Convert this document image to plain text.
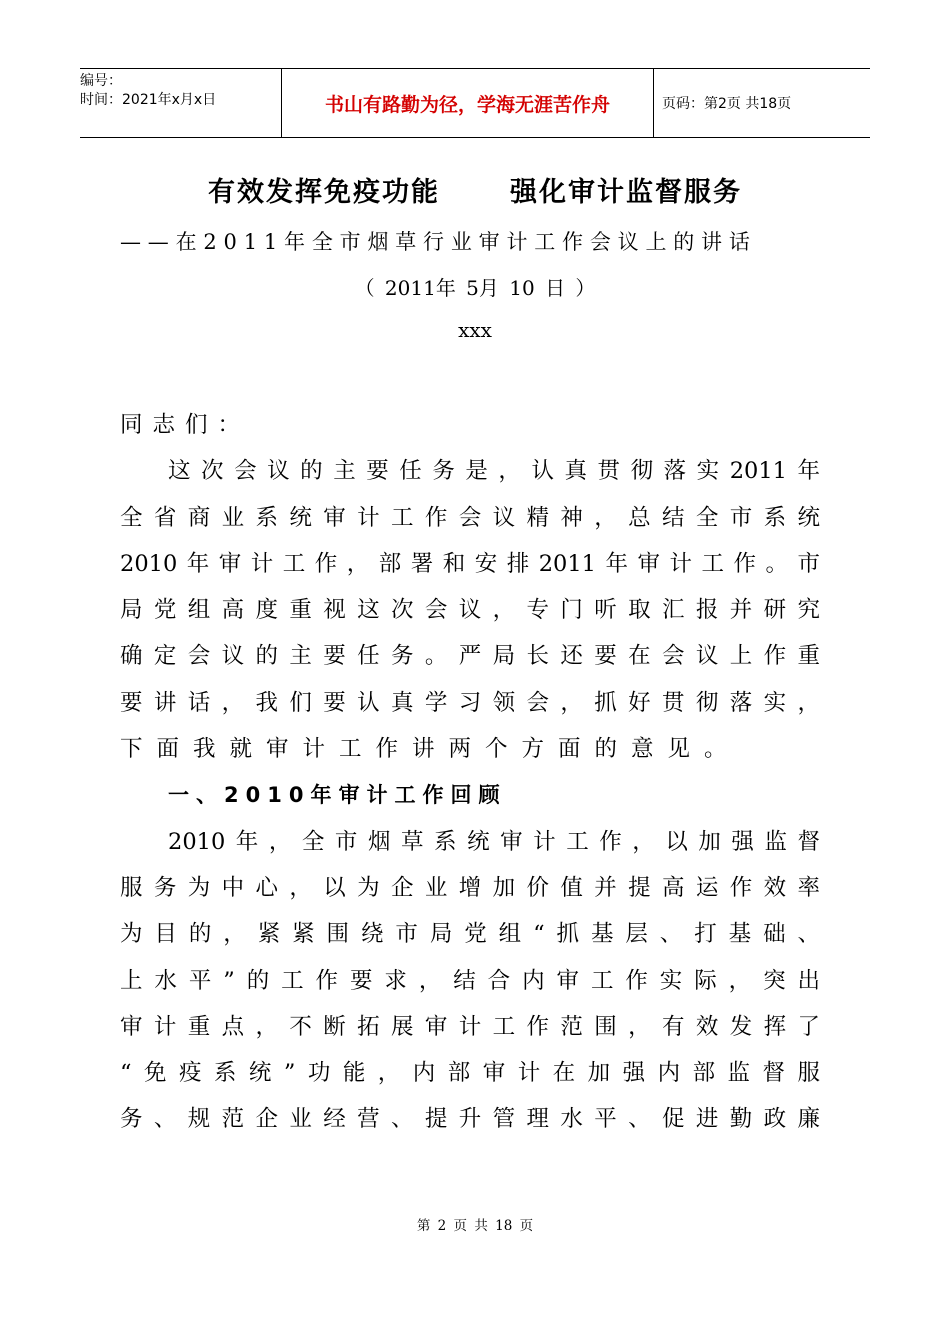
编号：
时间：2021年x月x日	书山有路勤为径，学海无涯苦作舟	页码：第2页 共18页
有效发挥免疫功能	强化审计监督服务
——在2011年全市烟草行业审计工作会议上的讲话
（ 2011年 5月 10 日 ）
xxx
同志们：
这次会议的主要任务是，认真贯彻落实2011年
全省商业系统审计工作会议精神，总结全市系统
2010年审计工作，部署和安排2011年审计工作。市
局党组高度重视这次会议，专门听取汇报并研究
确定会议的主要任务。严局长还要在会议上作重
要讲话，我们要认真学习领会，抓好贯彻落实，
下面我就审计工作讲两个方面的意见。
一、2010年审计工作回顾
2010年，全市烟草系统审计工作，以加强监督
服务为中心，以为企业增加价值并提高运作效率
为目的，紧紧围绕市局党组“抓基层、打基础、
上水平”的工作要求，结合内审工作实际，突出
审计重点，不断拓展审计工作范围，有效发挥了
“免疫系统”功能，内部审计在加强内部监督服
务、规范企业经营、提升管理水平、促进勤政廉
第 2 页 共 18 页
